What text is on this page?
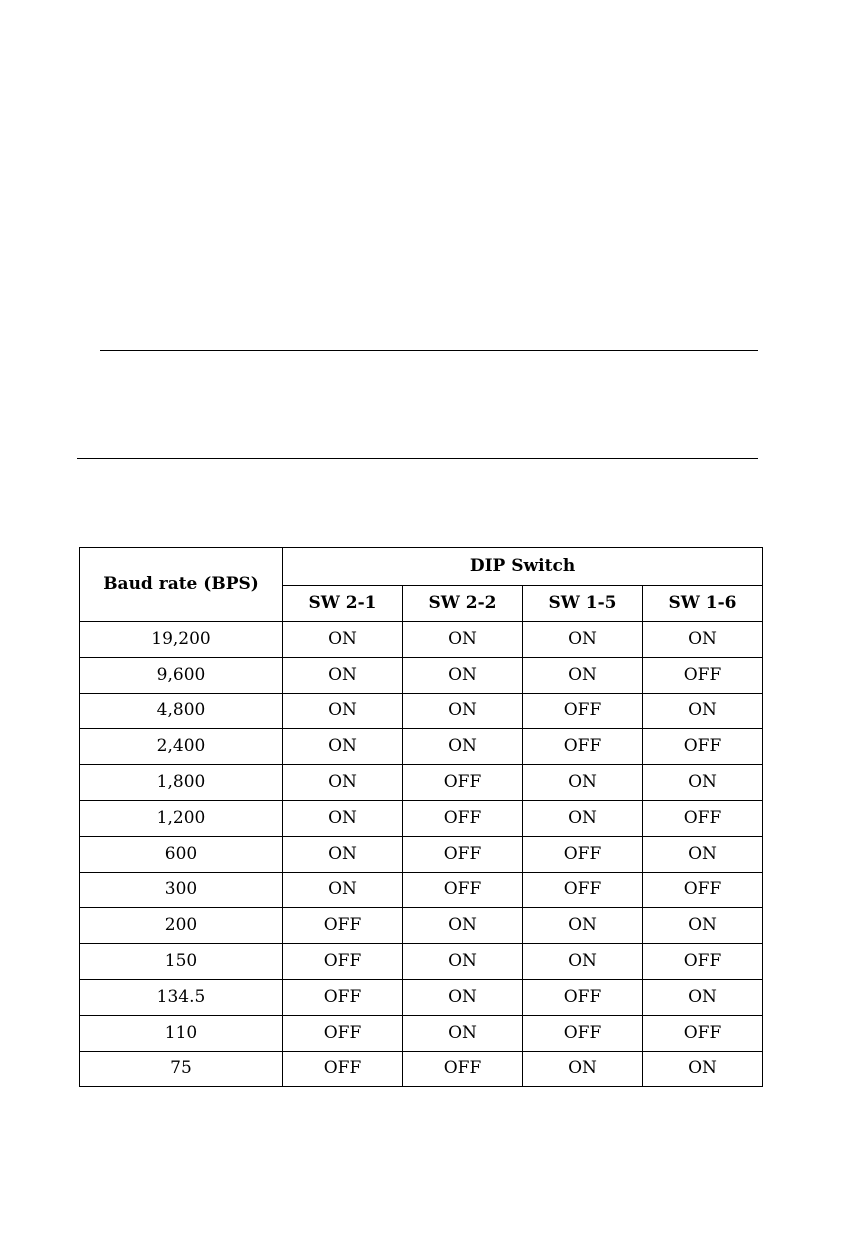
Baud rate (BPS)	DIP Switch			
	SW 2-1	SW 2-2	SW 1-5	SW 1-6
19,200	ON	ON	ON	ON
9,600	ON	ON	ON	OFF
4,800	ON	ON	OFF	ON
2,400	ON	ON	OFF	OFF
1,800	ON	OFF	ON	ON
1,200	ON	OFF	ON	OFF
600	ON	OFF	OFF	ON
300	ON	OFF	OFF	OFF
200	OFF	ON	ON	ON
150	OFF	ON	ON	OFF
134.5	OFF	ON	OFF	ON
110	OFF	ON	OFF	OFF
75	OFF	OFF	ON	ON
